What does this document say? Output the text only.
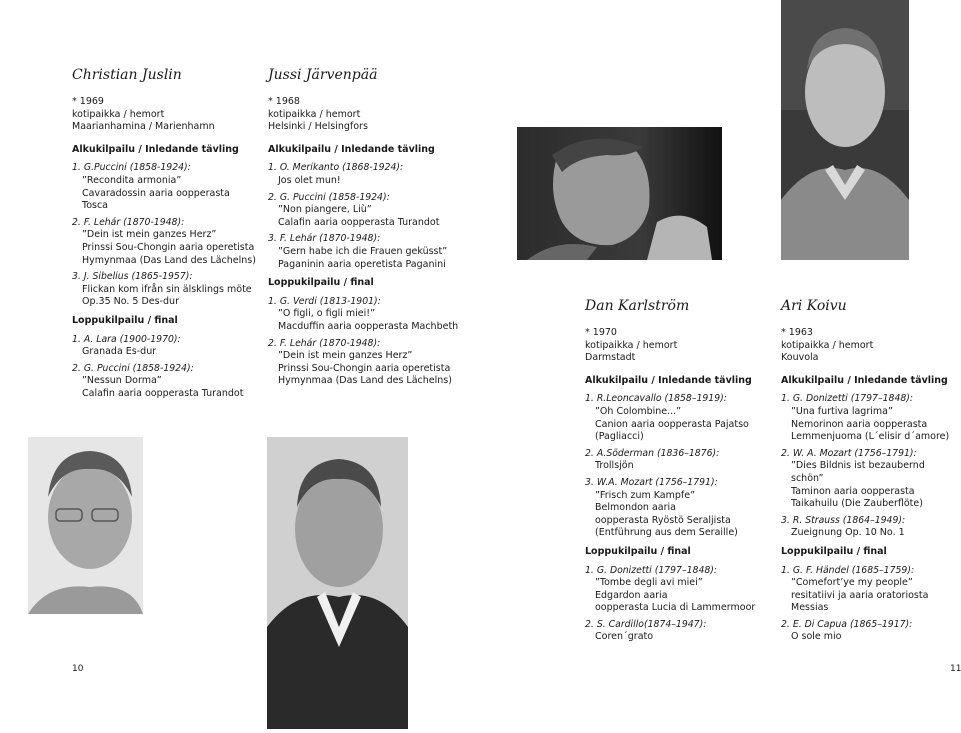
Christian Juslin
* 1969
kotipaikka / hemort
Maarianhamina / Marienhamn
Alkukilpailu / Inledande tävling
1. G.Puccini (1858-1924):
”Recondita armonia”
Cavaradossin aaria oopperasta Tosca
2. F. Lehár (1870-1948):
”Dein ist mein ganzes Herz”
Prinssi Sou-Chongin aaria operetista
Hymynmaa (Das Land des Lächelns)
3. J. Sibelius (1865-1957):
Flickan kom ifrån sin älsklings möte
Op.35 No. 5 Des-dur
Loppukilpailu / final
1. A. Lara (1900-1970):
Granada Es-dur
2. G. Puccini (1858-1924):
”Nessun Dorma”
Calafin aaria oopperasta Turandot
Jussi Järvenpää
* 1968
kotipaikka / hemort
Helsinki / Helsingfors
Alkukilpailu / Inledande tävling
1. O. Merikanto (1868-1924):
Jos olet mun!
2. G. Puccini (1858-1924):
”Non piangere, Liù”
Calafin aaria oopperasta Turandot
3. F. Lehár (1870-1948):
”Gern habe ich die Frauen geküsst”
Paganinin aaria operetista Paganini
Loppukilpailu / final
1. G. Verdi (1813-1901):
”O figli, o figli miei!”
Macduffin aaria oopperasta Machbeth
2. F. Lehár (1870-1948):
”Dein ist mein ganzes Herz”
Prinssi Sou-Chongin aaria operetista
Hymynmaa (Das Land des Lächelns)
Dan Karlström
* 1970
kotipaikka / hemort
Darmstadt
Alkukilpailu / Inledande tävling
1. R.Leoncavallo (1858–1919):
”Oh Colombine...”
Canion aaria oopperasta Pajatso
(Pagliacci)
2. A.Söderman (1836–1876):
Trollsjön
3. W.A. Mozart (1756–1791):
”Frisch zum Kampfe”
Belmondon aaria
oopperasta Ryöstö Seraljista
(Entführung aus dem Seraille)
Loppukilpailu / final
1. G. Donizetti (1797–1848):
”Tombe degli avi miei”
Edgardon aaria
oopperasta Lucia di Lammermoor
2. S. Cardillo(1874–1947):
Coren´grato
Ari Koivu
* 1963
kotipaikka / hemort
Kouvola
Alkukilpailu / Inledande tävling
1. G. Donizetti (1797–1848):
”Una furtiva lagrima”
Nemorinon aaria oopperasta
Lemmenjuoma (L´elisir d´amore)
2. W. A. Mozart (1756–1791):
”Dies Bildnis ist bezaubernd schön”
Taminon aaria oopperasta
Taikahuilu (Die Zauberflöte)
3. R. Strauss (1864–1949):
Zueignung Op. 10 No. 1
Loppukilpailu / final
1. G. F. Händel (1685–1759):
”Comefort’ye my people”
resitatiivi ja aaria oratoriosta
Messias
2. E. Di Capua (1865–1917):
O sole mio
10	11
